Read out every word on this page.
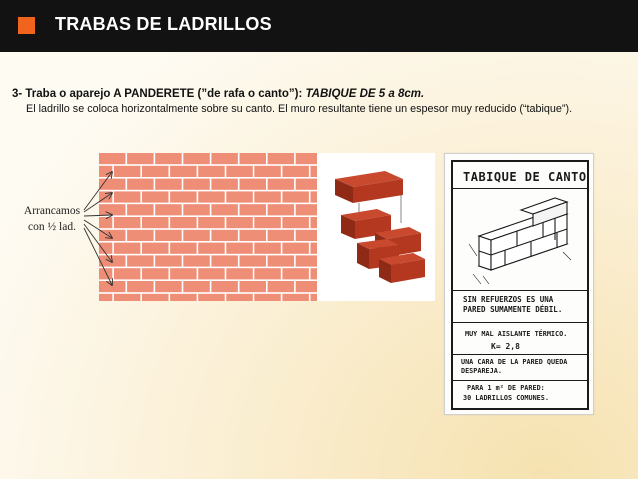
TRABAS DE LADRILLOS
3- Traba o aparejo A PANDERETE (”de rafa o canto”): TABIQUE DE 5 a 8cm.
El ladrillo se coloca horizontalmente sobre su canto. El muro resultante tiene un espesor muy reducido (“tabique”).
Arrancamos
con ½ lad.
TABIQUE DE CANTO
SIN REFUERZOS ES UNA
PARED SUMAMENTE DÉBIL.
MUY MAL AISLANTE TÉRMICO.
K= 2,8
UNA CARA DE LA PARED QUEDA
DESPAREJA.
PARA 1 m² DE PARED:
30 LADRILLOS COMUNES.
